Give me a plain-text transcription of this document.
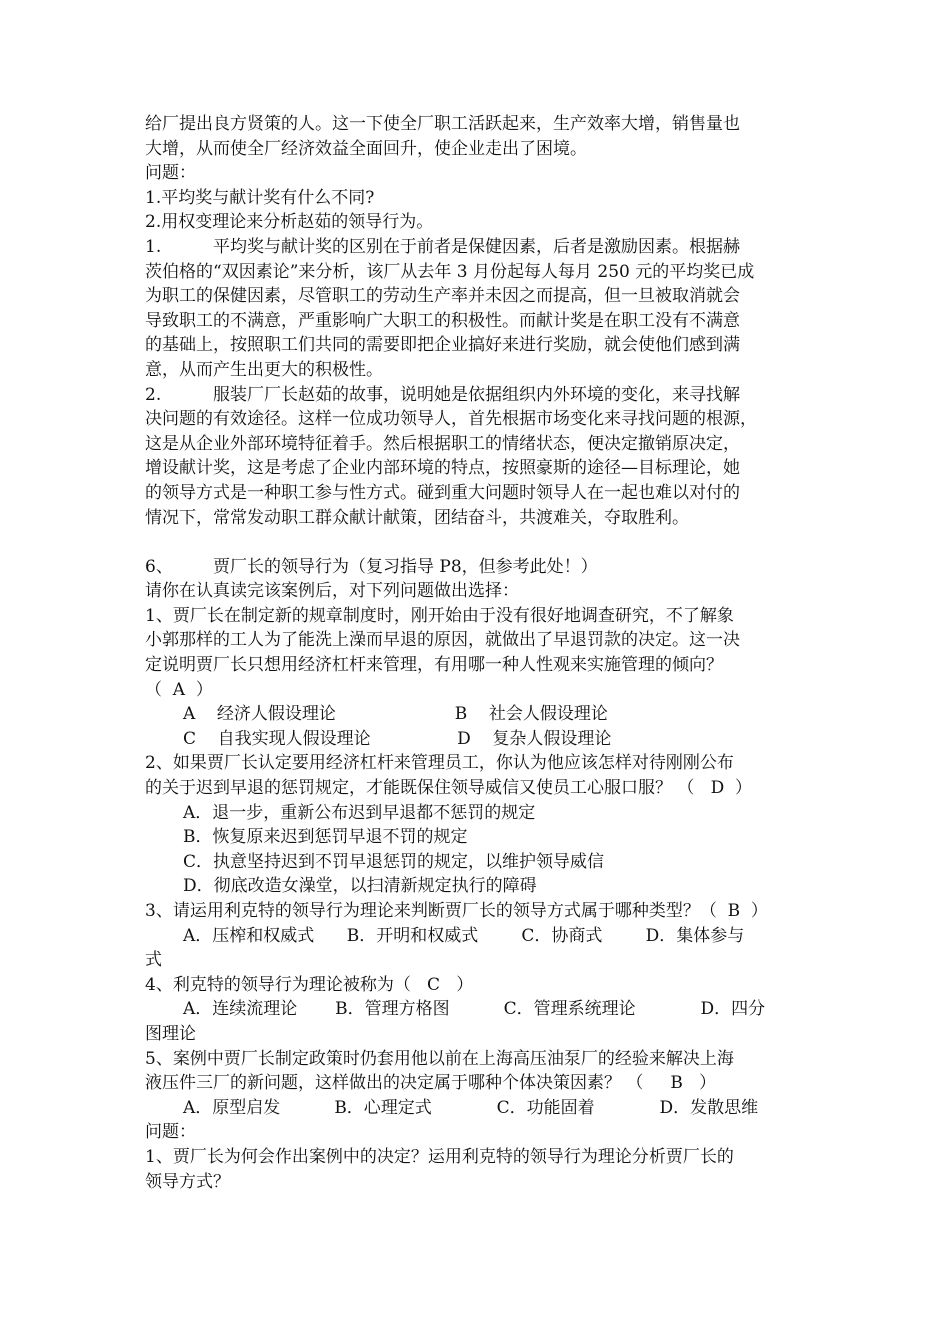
给厂提出良方贤策的人。这一下使全厂职工活跃起来，生产效率大增，销售量也
大增，从而使全厂经济效益全面回升，使企业走出了困境。
问题：
1.平均奖与献计奖有什么不同?
2.用权变理论来分析赵茹的领导行为。
1.	平均奖与献计奖的区别在于前者是保健因素，后者是激励因素。根据赫
茨伯格的“双因素论”来分析，该厂从去年 3 月份起每人每月 250 元的平均奖已成
为职工的保健因素，尽管职工的劳动生产率并未因之而提高，但一旦被取消就会
导致职工的不满意，严重影响广大职工的积极性。而献计奖是在职工没有不满意
的基础上，按照职工们共同的需要即把企业搞好来进行奖励，就会使他们感到满
意，从而产生出更大的积极性。
2.	服装厂厂长赵茹的故事，说明她是依据组织内外环境的变化，来寻找解
决问题的有效途径。这样一位成功领导人，首先根据市场变化来寻找问题的根源，
这是从企业外部环境特征着手。然后根据职工的情绪状态，便决定撤销原决定，
增设献计奖，这是考虑了企业内部环境的特点，按照豪斯的途径—目标理论，她
的领导方式是一种职工参与性方式。碰到重大问题时领导人在一起也难以对付的
情况下，常常发动职工群众献计献策，团结奋斗，共渡难关，夺取胜利。
6、 贾厂长的领导行为（复习指导 P8，但参考此处！）
请你在认真读完该案例后，对下列问题做出选择：
1、贾厂长在制定新的规章制度时，刚开始由于没有很好地调查研究，不了解象
小郭那样的工人为了能洗上澡而早退的原因，就做出了早退罚款的决定。这一决
定说明贾厂长只想用经济杠杆来管理，有用哪一种人性观来实施管理的倾向？
（  A  ）
A    经济人假设理论                      B    社会人假设理论
C    自我实现人假设理论                D    复杂人假设理论
2、如果贾厂长认定要用经济杠杆来管理员工，你认为他应该怎样对待刚刚公布
的关于迟到早退的惩罚规定，才能既保住领导威信又使员工心服口服？ （   D  ）
A．退一步，重新公布迟到早退都不惩罚的规定
B．恢复原来迟到惩罚早退不罚的规定
C．执意坚持迟到不罚早退惩罚的规定，以维护领导威信
D．彻底改造女澡堂，以扫清新规定执行的障碍
3、请运用利克特的领导行为理论来判断贾厂长的领导方式属于哪种类型？（  B  ）
A．压榨和权威式      B．开明和权威式        C．协商式        D．集体参与
式
4、利克特的领导行为理论被称为（   C   ）
A．连续流理论       B．管理方格图          C．管理系统理论            D．四分
图理论
5、案例中贾厂长制定政策时仍套用他以前在上海高压油泵厂的经验来解决上海
液压件三厂的新问题，这样做出的决定属于哪种个体决策因素？ （     B   ）
A．原型启发          B．心理定式            C．功能固着            D．发散思维
问题：
1、贾厂长为何会作出案例中的决定？运用利克特的领导行为理论分析贾厂长的
领导方式？
